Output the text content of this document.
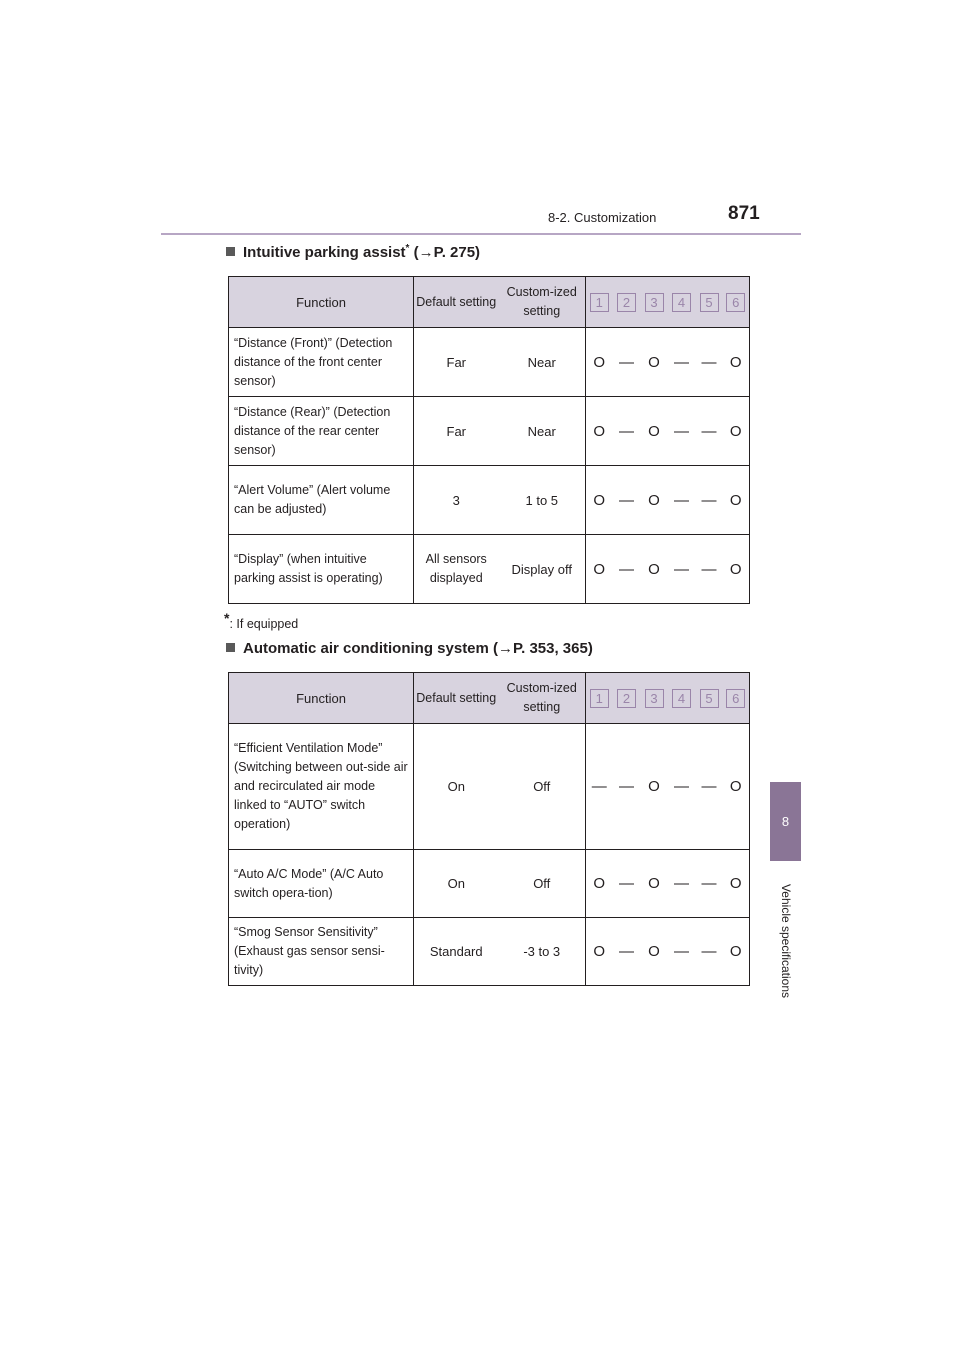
8-2. Customization	871
8
Vehicle specifications
Intuitive parking assist* (→P. 275)
Function	Default setting	Custom-ized setting	1	2	3	4	5	6
“Distance (Front)” (Detection distance of the front center sensor)	Far	Near	O	—	O	—	—	O
“Distance (Rear)” (Detection distance of the rear center sensor)	Far	Near	O	—	O	—	—	O
“Alert Volume” (Alert volume can be adjusted)	3	1 to 5	O	—	O	—	—	O
“Display” (when intuitive parking assist is operating)	All sensors displayed	Display off	O	—	O	—	—	O
*: If equipped
Automatic air conditioning system (→P. 353, 365)
Function	Default setting	Custom-ized setting	1	2	3	4	5	6
“Efficient Ventilation Mode” (Switching between out-side air and recirculated air mode linked to “AUTO” switch operation)	On	Off	—	—	O	—	—	O
“Auto A/C Mode” (A/C Auto switch opera-tion)	On	Off	O	—	O	—	—	O
“Smog Sensor Sensitivity” (Exhaust gas sensor sensi-tivity)	Standard	-3 to 3	O	—	O	—	—	O
